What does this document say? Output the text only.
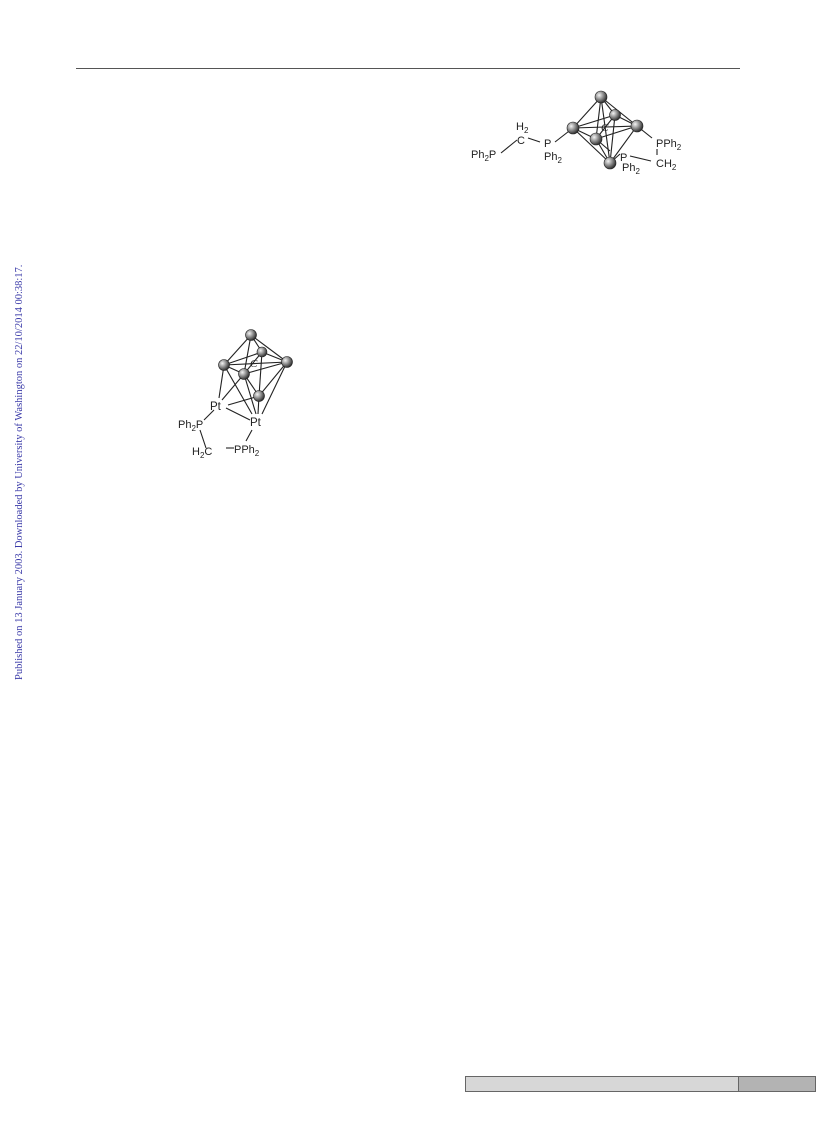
Published on 13 January 2003. Downloaded by University of Washington on 22/10/2014 00:38:17.
C
$Ph_2P$
$H_2$
C P
$Ph_2$
PPh$_2$
P
$Ph_2$
$CH_2$
C
Pt
Pt
$Ph_2P$
$H_2C$ PPh$_2$
